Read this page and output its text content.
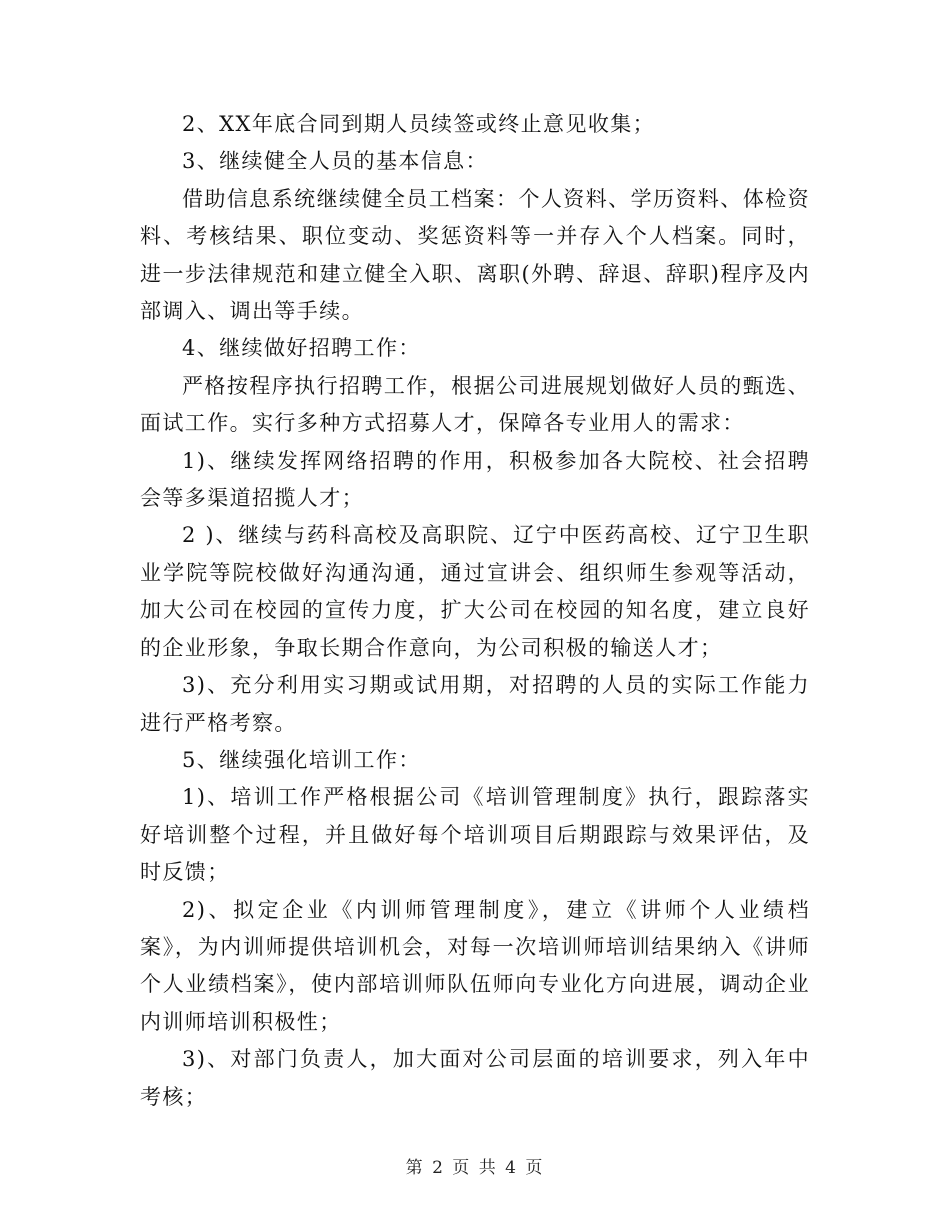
2、XX年底合同到期人员续签或终止意见收集；

3、继续健全人员的基本信息：

借助信息系统继续健全员工档案：个人资料、学历资料、体检资料、考核结果、职位变动、奖惩资料等一并存入个人档案。同时，进一步法律规范和建立健全入职、离职(外聘、辞退、辞职)程序及内部调入、调出等手续。

4、继续做好招聘工作：

严格按程序执行招聘工作，根据公司进展规划做好人员的甄选、面试工作。实行多种方式招募人才，保障各专业用人的需求：

1)、继续发挥网络招聘的作用，积极参加各大院校、社会招聘会等多渠道招揽人才；

2 )、继续与药科高校及高职院、辽宁中医药高校、辽宁卫生职业学院等院校做好沟通沟通，通过宣讲会、组织师生参观等活动，加大公司在校园的宣传力度，扩大公司在校园的知名度，建立良好的企业形象，争取长期合作意向，为公司积极的输送人才；

3)、充分利用实习期或试用期，对招聘的人员的实际工作能力进行严格考察。

5、继续强化培训工作：

1)、培训工作严格根据公司《培训管理制度》执行，跟踪落实好培训整个过程，并且做好每个培训项目后期跟踪与效果评估，及时反馈；

2)、拟定企业《内训师管理制度》，建立《讲师个人业绩档案》，为内训师提供培训机会，对每一次培训师培训结果纳入《讲师个人业绩档案》，使内部培训师队伍师向专业化方向进展，调动企业内训师培训积极性；

3)、对部门负责人，加大面对公司层面的培训要求，列入年中考核；

第 2 页 共 4 页
